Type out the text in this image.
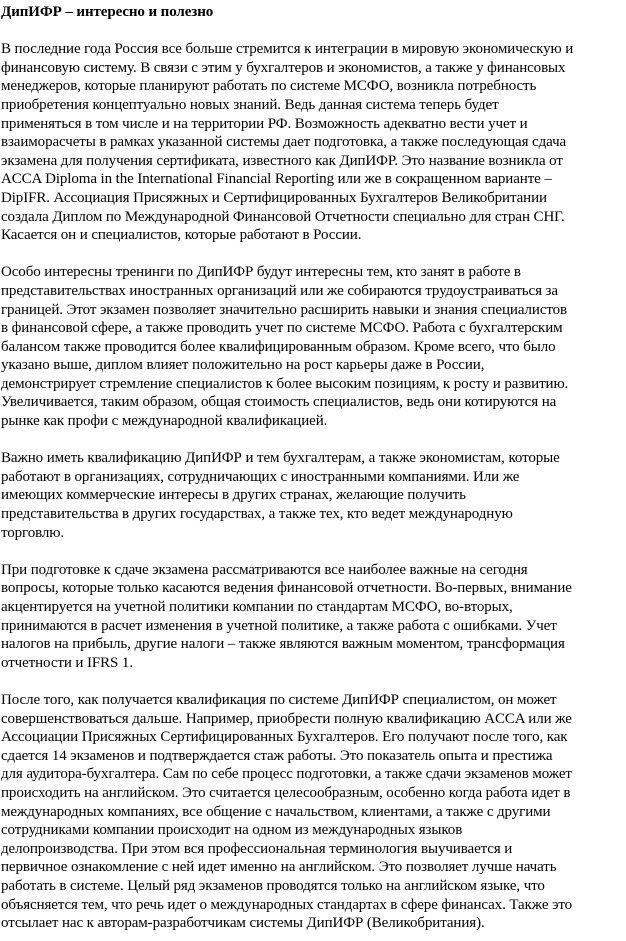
ДипИФР – интересно и полезно
В последние года Россия все больше стремится к интеграции в мировую экономическую и
финансовую систему. В связи с этим у бухгалтеров и экономистов, а также у финансовых
менеджеров, которые планируют работать по системе МСФО, возникла потребность
приобретения концептуально новых знаний. Ведь данная система теперь будет
применяться в том числе и на территории РФ. Возможность адекватно вести учет и
взаиморасчеты в рамках указанной системы дает подготовка, а также последующая сдача
экзамена для получения сертификата, известного как ДипИФР. Это название возникла от
ACCA Diploma in the International Financial Reporting или же в сокращенном варианте –
DipIFR. Ассоциация Присяжных и Сертифицированных Бухгалтеров Великобритании
создала Диплом по Международной Финансовой Отчетности специально для стран СНГ.
Касается он и специалистов, которые работают в России.
Особо интересны тренинги по ДипИФР будут интересны тем, кто занят в работе в
представительствах иностранных организаций или же собираются трудоустраиваться за
границей. Этот экзамен позволяет значительно расширить навыки и знания специалистов
в финансовой сфере, а также проводить учет по системе МСФО. Работа с бухгалтерским
балансом также проводится более квалифицированным образом. Кроме всего, что было
указано выше, диплом влияет положительно на рост карьеры даже в России,
демонстрирует стремление специалистов к более высоким позициям, к росту и развитию.
Увеличивается, таким образом, общая стоимость специалистов, ведь они котируются на
рынке как профи с международной квалификацией.
Важно иметь квалификацию ДипИФР и тем бухгалтерам, а также экономистам, которые
работают в организациях, сотрудничающих с иностранными компаниями. Или же
имеющих коммерческие интересы в других странах, желающие получить
представительства в других государствах, а также тех, кто ведет международную
торговлю.
При подготовке к сдаче экзамена рассматриваются все наиболее важные на сегодня
вопросы, которые только касаются ведения финансовой отчетности. Во-первых, внимание
акцентируется на учетной политики компании по стандартам МСФО, во-вторых,
принимаются в расчет изменения в учетной политике, а также работа с ошибками. Учет
налогов на прибыль, другие налоги – также являются важным моментом, трансформация
отчетности и IFRS 1.
После того, как получается квалификация по системе ДипИФР специалистом, он может
совершенствоваться дальше. Например, приобрести полную квалификацию ACCA или же
Ассоциации Присяжных Сертифицированных Бухгалтеров. Его получают после того, как
сдается 14 экзаменов и подтверждается стаж работы. Это показатель опыта и престижа
для аудитора-бухгалтера. Сам по себе процесс подготовки, а также сдачи экзаменов может
происходить на английском. Это считается целесообразным, особенно когда работа идет в
международных компаниях, все общение с начальством, клиентами, а также с другими
сотрудниками компании происходит на одном из международных языков
делопроизводства. При этом вся профессиональная терминология выучивается и
первичное ознакомление с ней идет именно на английском. Это позволяет лучше начать
работать в системе. Целый ряд экзаменов проводятся только на английском языке, что
объясняется тем, что речь идет о международных стандартах в сфере финансах. Также это
отсылает нас к авторам-разработчикам системы ДипИФР (Великобритания).
